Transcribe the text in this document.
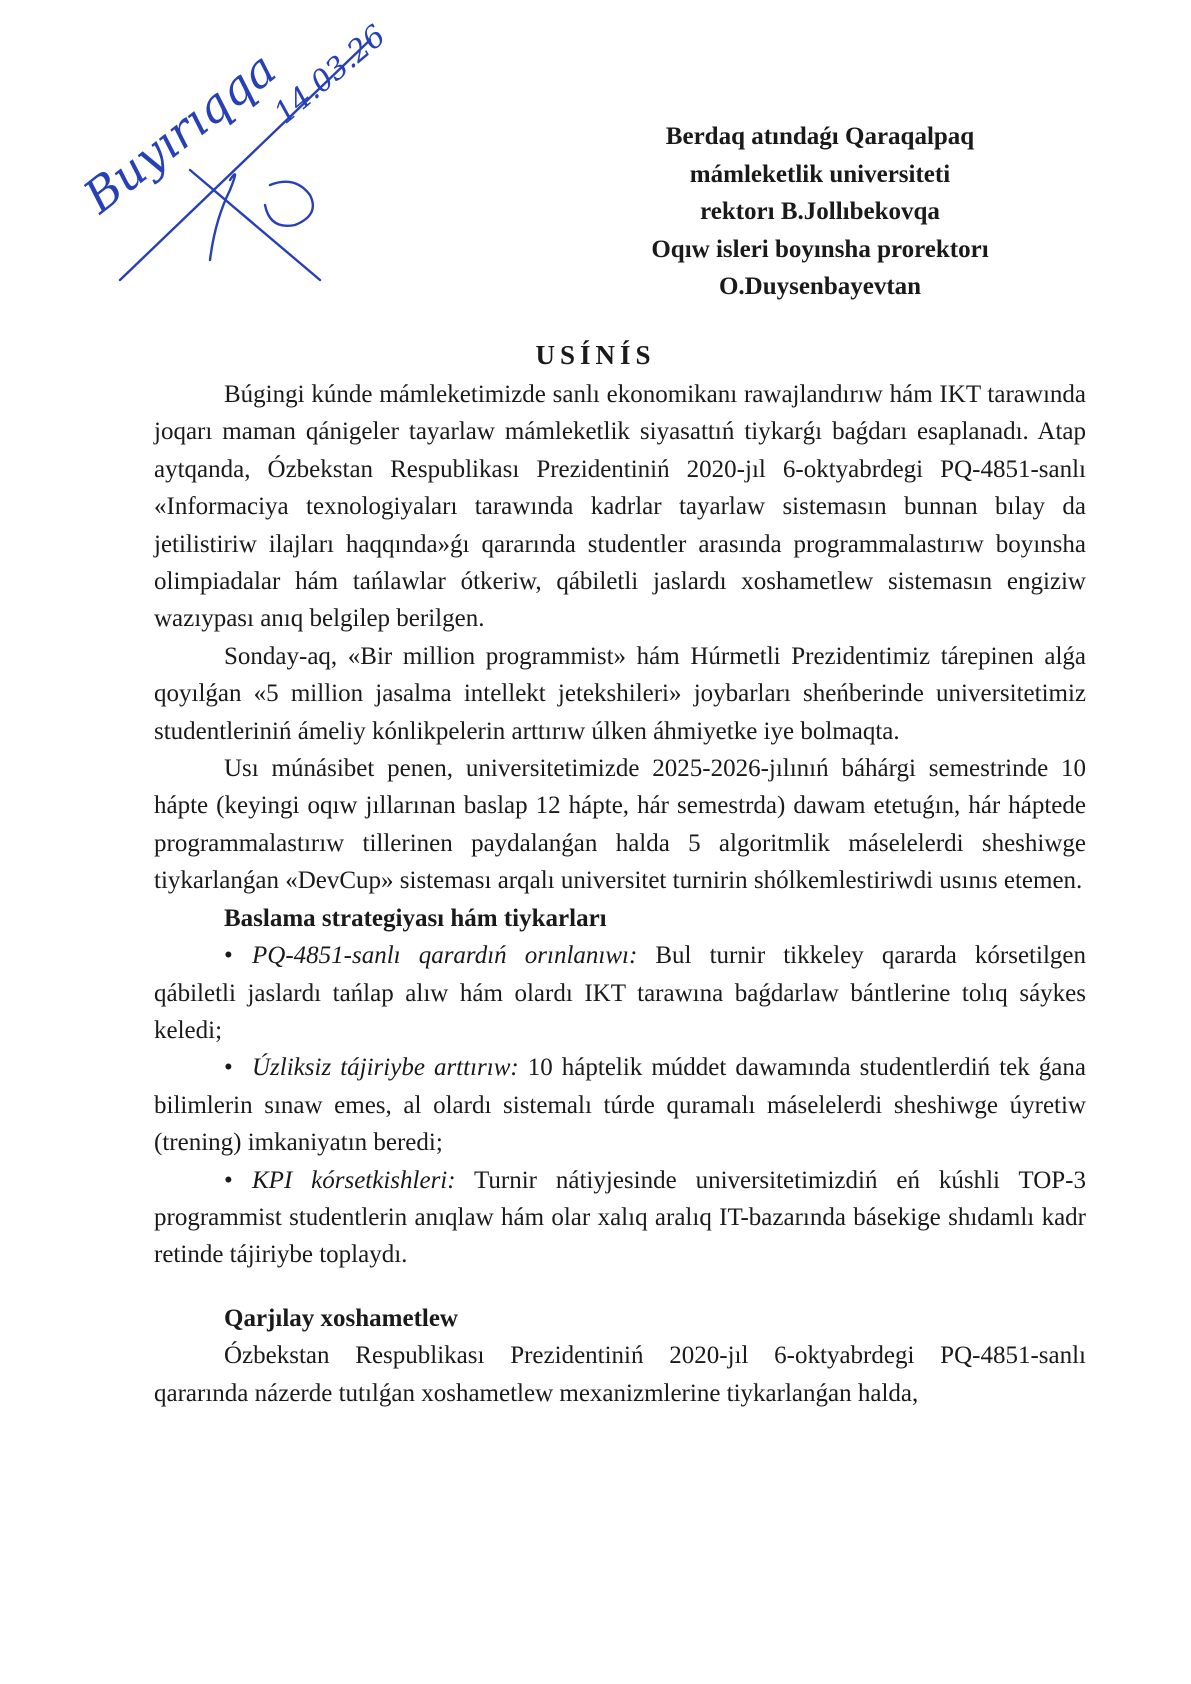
Buyırıqqa
14.03.26
Berdaq atındaǵı Qaraqalpaq
mámleketlik universiteti
rektorı B.Jollıbekovqa
Oqıw isleri boyınsha prorektorı
O.Duysenbayevtan
USÍNÍS

Búgingi kúnde mámleketimizde sanlı ekonomikanı rawajlandırıw hám IKT tarawında joqarı maman qánigeler tayarlaw mámleketlik siyasattıń tiykarǵı baǵdarı esaplanadı. Atap aytqanda, Ózbekstan Respublikası Prezidentiniń 2020-jıl 6-oktyabrdegi PQ-4851-sanlı «Informaciya texnologiyaları tarawında kadrlar tayarlaw sistemasın bunnan bılay da jetilistiriw ilajları haqqında»ǵı qararında studentler arasında programmalastırıw boyınsha olimpiadalar hám tańlawlar ótkeriw, qábiletli jaslardı xoshametlew sistemasın engiziw wazıypası anıq belgilep berilgen.

Sonday-aq, «Bir million programmist» hám Húrmetli Prezidentimiz tárepinen alǵa qoyılǵan «5 million jasalma intellekt jetekshileri» joybarları sheńberinde universitetimiz studentleriniń ámeliy kónlikpelerin arttırıw úlken áhmiyetke iye bolmaqta.

Usı múnásibet penen, universitetimizde 2025-2026-jılınıń báhárgi semestrinde 10 hápte (keyingi oqıw jıllarınan baslap 12 hápte, hár semestrda) dawam etetuǵın, hár háptede programmalastırıw tillerinen paydalanǵan halda 5 algoritmlik máselelerdi sheshiwge tiykarlanǵan «DevCup» sisteması arqalı universitet turnirin shólkemlestiriwdi usınıs etemen.

Baslama strategiyası hám tiykarları

• PQ-4851-sanlı qarardıń orınlanıwı: Bul turnir tikkeley qararda kórsetilgen qábiletli jaslardı tańlap alıw hám olardı IKT tarawına baǵdarlaw bántlerine tolıq sáykes keledi;

• Úzliksiz tájiriybe arttırıw: 10 háptelik múddet dawamında studentlerdiń tek ǵana bilimlerin sınaw emes, al olardı sistemalı túrde quramalı máselelerdi sheshiwge úyretiw (trening) imkaniyatın beredi;

• KPI kórsetkishleri: Turnir nátiyjesinde universitetimizdiń eń kúshli TOP-3 programmist studentlerin anıqlaw hám olar xalıq aralıq IT-bazarında básekige shıdamlı kadr retinde tájiriybe toplaydı.

Qarjılay xoshametlew

Ózbekstan Respublikası Prezidentiniń 2020-jıl 6-oktyabrdegi PQ-4851-sanlı qararında názerde tutılǵan xoshametlew mexanizmlerine tiykarlanǵan halda,
